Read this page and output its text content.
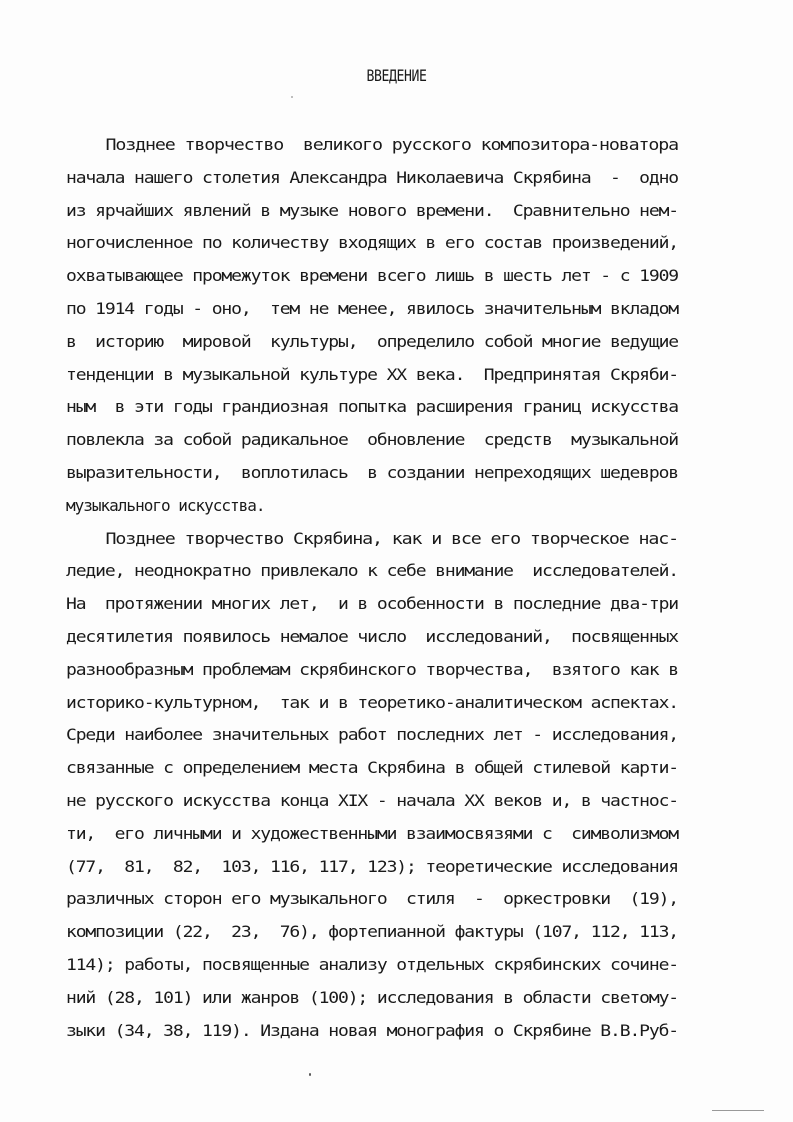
ВВЕДЕНИЕ
Позднее творчество  великого русского композитора-новатора
начала нашего столетия Александра Николаевича Скрябина  -  одно
из ярчайших явлений в музыке нового времени.  Сравнительно нем-
ногочисленное по количеству входящих в его состав произведений,
охватывающее промежуток времени всего лишь в шесть лет - с 1909
по 1914 годы - оно,  тем не менее, явилось значительным вкладом
в  историю  мировой  культуры,  определило собой многие ведущие
тенденции в музыкальной культуре XX века.  Предпринятая Скряби-
ным  в эти годы грандиозная попытка расширения границ искусства
повлекла за собой радикальное  обновление  средств  музыкальной
выразительности,  воплотилась  в создании непреходящих шедевров
музыкального искусства.
Позднее творчество Скрябина, как и все его творческое нас-
ледие, неоднократно привлекало к себе внимание  исследователей.
На  протяжении многих лет,  и в особенности в последние два-три
десятилетия появилось немалое число  исследований,  посвященных
разнообразным проблемам скрябинского творчества,  взятого как в
историко-культурном,  так и в теоретико-аналитическом аспектах.
Среди наиболее значительных работ последних лет - исследования,
связанные с определением места Скрябина в общей стилевой карти-
не русского искусства конца XIX - начала XX веков и, в частнос-
ти,  его личными и художественными взаимосвязями с  символизмом
(77,  81,  82,  103, 116, 117, 123); теоретические исследования
различных сторон его музыкального  стиля  -  оркестровки  (19),
композиции (22,  23,  76), фортепианной фактуры (107, 112, 113,
114); работы, посвященные анализу отдельных скрябинских сочине-
ний (28, 101) или жанров (100); исследования в области светому-
зыки (34, 38, 119). Издана новая монография о Скрябине В.В.Руб-
